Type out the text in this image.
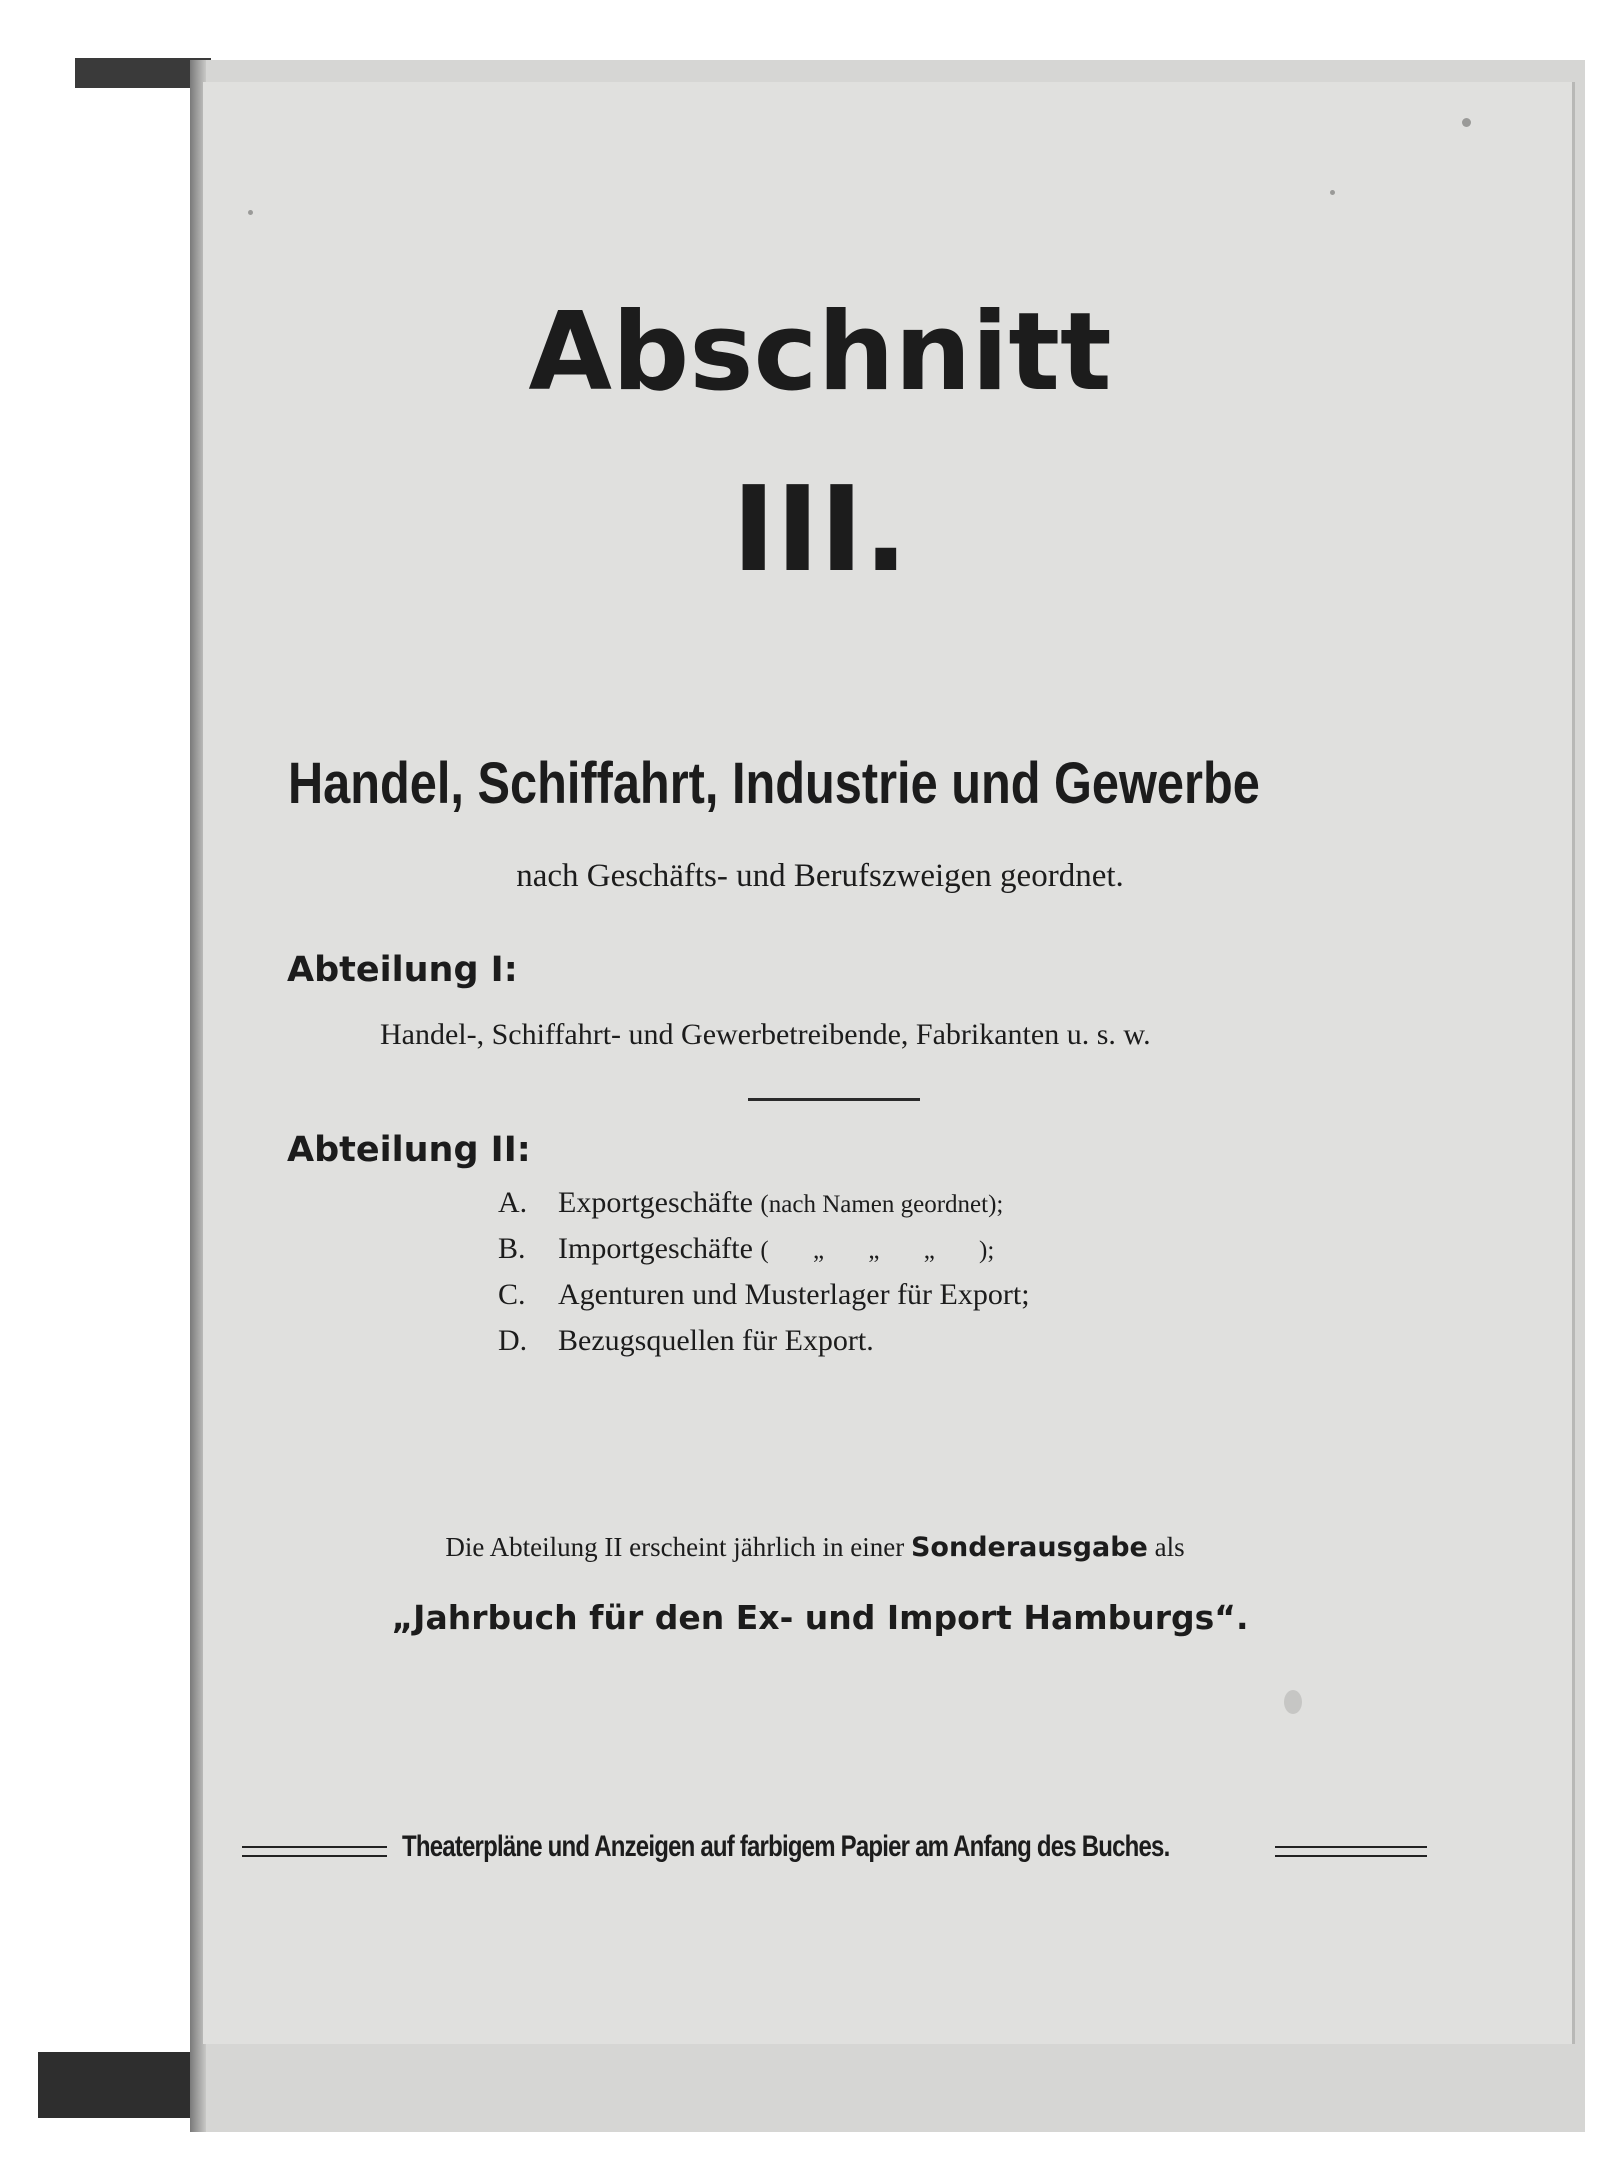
Abschnitt
III.
Handel, Schiffahrt, Industrie und Gewerbe
nach Geschäfts- und Berufszweigen geordnet.
Abteilung I:
Handel-, Schiffahrt- und Gewerbetreibende, Fabrikanten u. s. w.
Abteilung II:
A. Exportgeschäfte (nach Namen geordnet);
B. Importgeschäfte ( „ „ „ );
C. Agenturen und Musterlager für Export;
D. Bezugsquellen für Export.
Die Abteilung II erscheint jährlich in einer Sonderausgabe als
„Jahrbuch für den Ex- und Import Hamburgs“.
Theaterpläne und Anzeigen auf farbigem Papier am Anfang des Buches.
